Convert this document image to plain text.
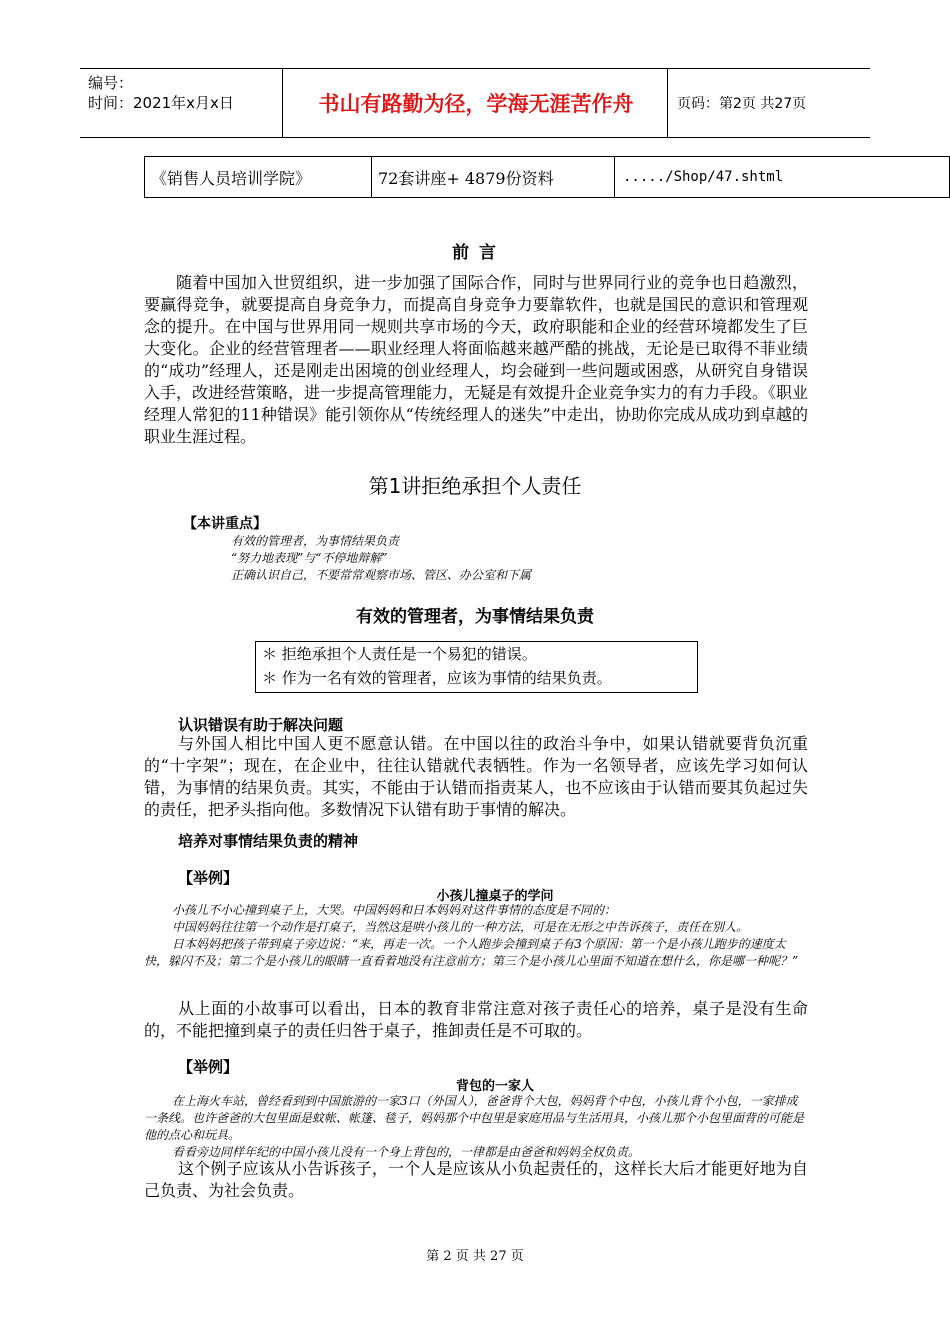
编号：
时间：2021年x月x日	书山有路勤为径，学海无涯苦作舟	页码：第2页 共27页
《销售人员培训学院》	72套讲座+ 4879份资料	...../Shop/47.shtml
前 言
随着中国加入世贸组织，进一步加强了国际合作，同时与世界同行业的竞争也日趋激烈，要赢得竞争，就要提高自身竞争力，而提高自身竞争力要靠软件，也就是国民的意识和管理观念的提升。在中国与世界用同一规则共享市场的今天，政府职能和企业的经营环境都发生了巨大变化。企业的经营管理者——职业经理人将面临越来越严酷的挑战，无论是已取得不菲业绩的“成功”经理人，还是刚走出困境的创业经理人，均会碰到一些问题或困惑，从研究自身错误入手，改进经营策略，进一步提高管理能力，无疑是有效提升企业竞争实力的有力手段。《职业经理人常犯的11种错误》能引领你从“传统经理人的迷失”中走出，协助你完成从成功到卓越的职业生涯过程。
第1讲拒绝承担个人责任
【本讲重点】
有效的管理者，为事情结果负责
“努力地表现”与“不停地辩解”
正确认识自己，不要常常观察市场、管区、办公室和下属
有效的管理者，为事情结果负责
＊ 拒绝承担个人责任是一个易犯的错误。
＊ 作为一名有效的管理者，应该为事情的结果负责。
认识错误有助于解决问题
与外国人相比中国人更不愿意认错。在中国以往的政治斗争中，如果认错就要背负沉重的“十字架”；现在，在企业中，往往认错就代表牺牲。作为一名领导者，应该先学习如何认错，为事情的结果负责。其实，不能由于认错而指责某人，也不应该由于认错而要其负起过失的责任，把矛头指向他。多数情况下认错有助于事情的解决。
培养对事情结果负责的精神
【举例】
小孩儿撞桌子的学问
小孩儿不小心撞到桌子上，大哭。中国妈妈和日本妈妈对这件事情的态度是不同的：
中国妈妈往往第一个动作是打桌子，当然这是哄小孩儿的一种方法，可是在无形之中告诉孩子，责任在别人。
日本妈妈把孩子带到桌子旁边说：“来，再走一次。一个人跑步会撞到桌子有3个原因：第一个是小孩儿跑步的速度太快，躲闪不及；第二个是小孩儿的眼睛一直看着地没有注意前方；第三个是小孩儿心里面不知道在想什么，你是哪一种呢？”
从上面的小故事可以看出，日本的教育非常注意对孩子责任心的培养，桌子是没有生命的，不能把撞到桌子的责任归咎于桌子，推卸责任是不可取的。
【举例】
背包的一家人
在上海火车站，曾经看到到中国旅游的一家3口（外国人），爸爸背个大包，妈妈背个中包，小孩儿背个小包，一家排成一条线。也许爸爸的大包里面是蚊帐、帐篷、毯子，妈妈那个中包里是家庭用品与生活用具，小孩儿那个小包里面背的可能是他的点心和玩具。
看看旁边同样年纪的中国小孩儿没有一个身上背包的，一律都是由爸爸和妈妈全权负责。
这个例子应该从小告诉孩子，一个人是应该从小负起责任的，这样长大后才能更好地为自己负责、为社会负责。
第 2 页 共 27 页
